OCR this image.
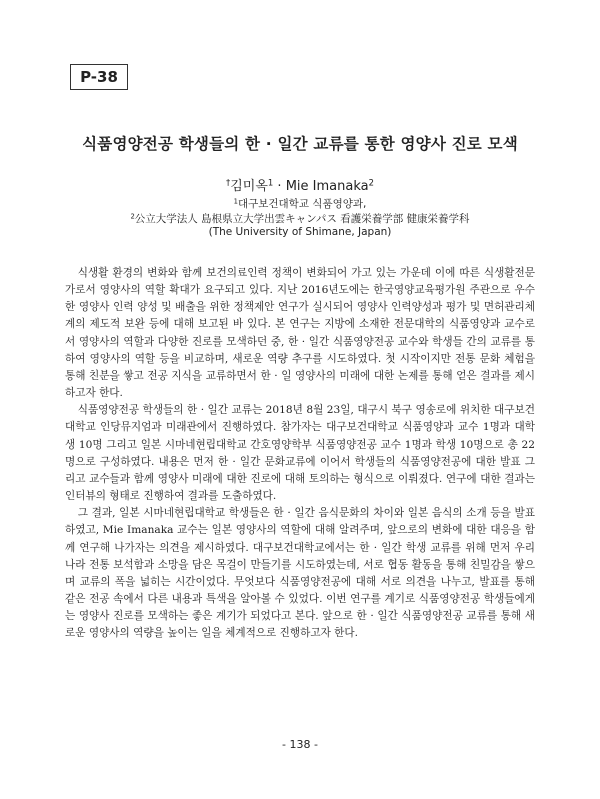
P-38
식품영양전공 학생들의 한 · 일간 교류를 통한 영양사 진로 모색
†김미옥$^1$ · Mie Imanaka$^2$
$^1$대구보건대학교 식품영양과,
$^2$公立大学法人 島根県立大学出雲キャンパス 看護栄養学部 健康栄養学科
(The University of Shimane, Japan)

식생활 환경의 변화와 함께 보건의료인력 정책이 변화되어 가고 있는 가운데 이에 따른 식생활전문가로서 영양사의 역할 확대가 요구되고 있다. 지난 2016년도에는 한국영양교육평가원 주관으로 우수한 영양사 인력 양성 및 배출을 위한 정책제안 연구가 실시되어 영양사 인력양성과 평가 및 면허관리체계의 제도적 보완 등에 대해 보고된 바 있다. 본 연구는 지방에 소재한 전문대학의 식품영양과 교수로서 영양사의 역할과 다양한 진로를 모색하던 중, 한 · 일간 식품영양전공 교수와 학생들 간의 교류를 통하여 영양사의 역할 등을 비교하며, 새로운 역량 추구를 시도하였다. 첫 시작이지만 전통 문화 체험을 통해 친분을 쌓고 전공 지식을 교류하면서 한 · 일 영양사의 미래에 대한 논제를 통해 얻은 결과를 제시하고자 한다.

식품영양전공 학생들의 한 · 일간 교류는 2018년 8월 23일, 대구시 북구 영송로에 위치한 대구보건대학교 인당뮤지엄과 미래관에서 진행하였다. 참가자는 대구보건대학교 식품영양과 교수 1명과 대학생 10명 그리고 일본 시마네현립대학교 간호영양학부 식품영양전공 교수 1명과 학생 10명으로 총 22명으로 구성하였다. 내용은 먼저 한 · 일간 문화교류에 이어서 학생들의 식품영양전공에 대한 발표 그리고 교수들과 함께 영양사 미래에 대한 진로에 대해 토의하는 형식으로 이뤄졌다. 연구에 대한 결과는 인터뷰의 형태로 진행하여 결과를 도출하였다.

그 결과, 일본 시마네현립대학교 학생들은 한 · 일간 음식문화의 차이와 일본 음식의 소개 등을 발표하였고, Mie Imanaka 교수는 일본 영양사의 역할에 대해 알려주며, 앞으로의 변화에 대한 대응을 함께 연구해 나가자는 의견을 제시하였다. 대구보건대학교에서는 한 · 일간 학생 교류를 위해 먼저 우리나라 전통 보석함과 소망을 담은 목걸이 만들기를 시도하였는데, 서로 협동 활동을 통해 친밀감을 쌓으며 교류의 폭을 넓히는 시간이었다. 무엇보다 식품영양전공에 대해 서로 의견을 나누고, 발표를 통해 같은 전공 속에서 다른 내용과 특색을 알아볼 수 있었다. 이번 연구를 계기로 식품영양전공 학생들에게는 영양사 진로를 모색하는 좋은 계기가 되었다고 본다. 앞으로 한 · 일간 식품영양전공 교류를 통해 새로운 영양사의 역량을 높이는 일을 체계적으로 진행하고자 한다.

- 138 -
